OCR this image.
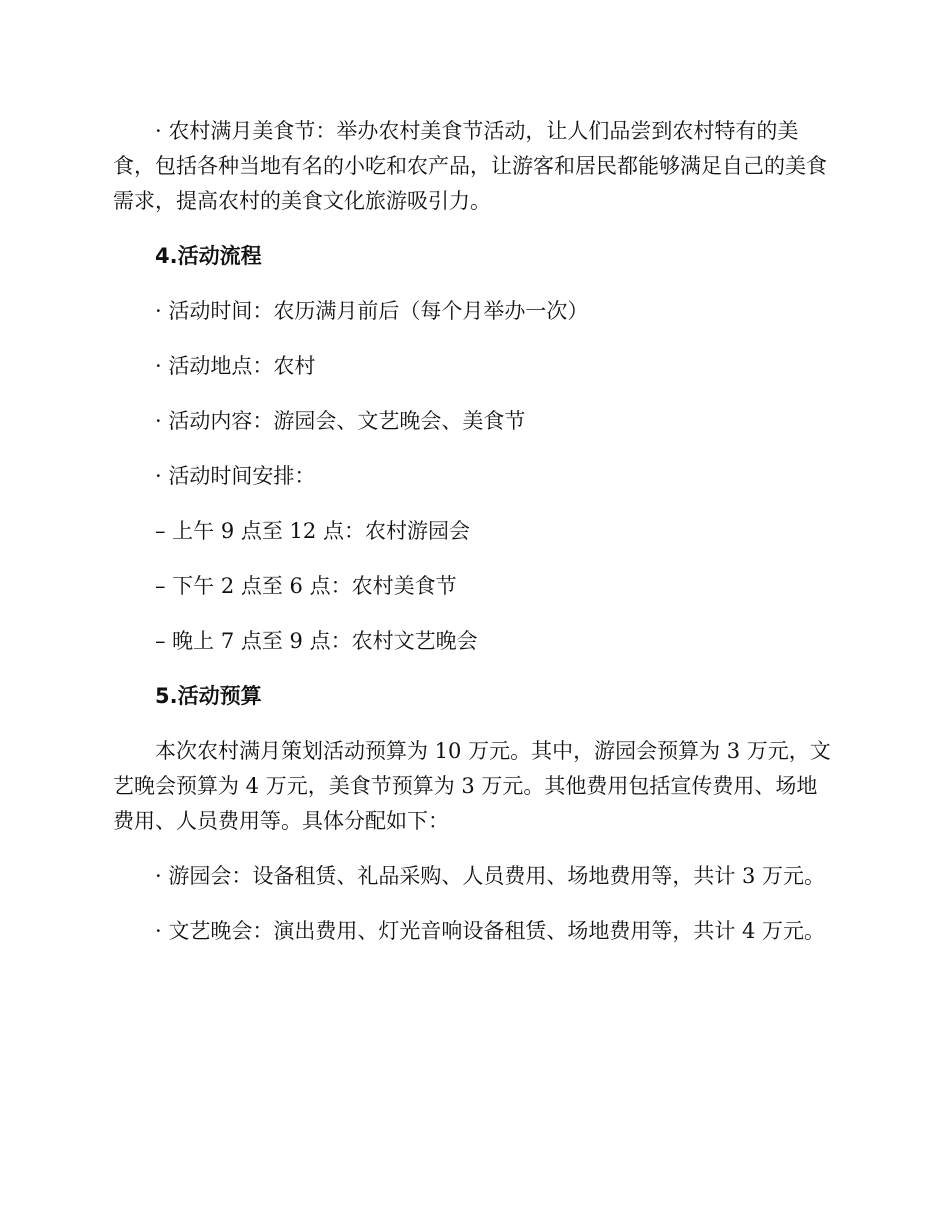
· 农村满月美食节：举办农村美食节活动，让人们品尝到农村特有的美食，包括各种当地有名的小吃和农产品，让游客和居民都能够满足自己的美食需求，提高农村的美食文化旅游吸引力。

4.活动流程

· 活动时间：农历满月前后（每个月举办一次）

· 活动地点：农村

· 活动内容：游园会、文艺晚会、美食节

· 活动时间安排：

– 上午 9 点至 12 点：农村游园会

– 下午 2 点至 6 点：农村美食节

– 晚上 7 点至 9 点：农村文艺晚会

5.活动预算

本次农村满月策划活动预算为 10 万元。其中，游园会预算为 3 万元，文艺晚会预算为 4 万元，美食节预算为 3 万元。其他费用包括宣传费用、场地费用、人员费用等。具体分配如下：

· 游园会：设备租赁、礼品采购、人员费用、场地费用等，共计 3 万元。

· 文艺晚会：演出费用、灯光音响设备租赁、场地费用等，共计 4 万元。
